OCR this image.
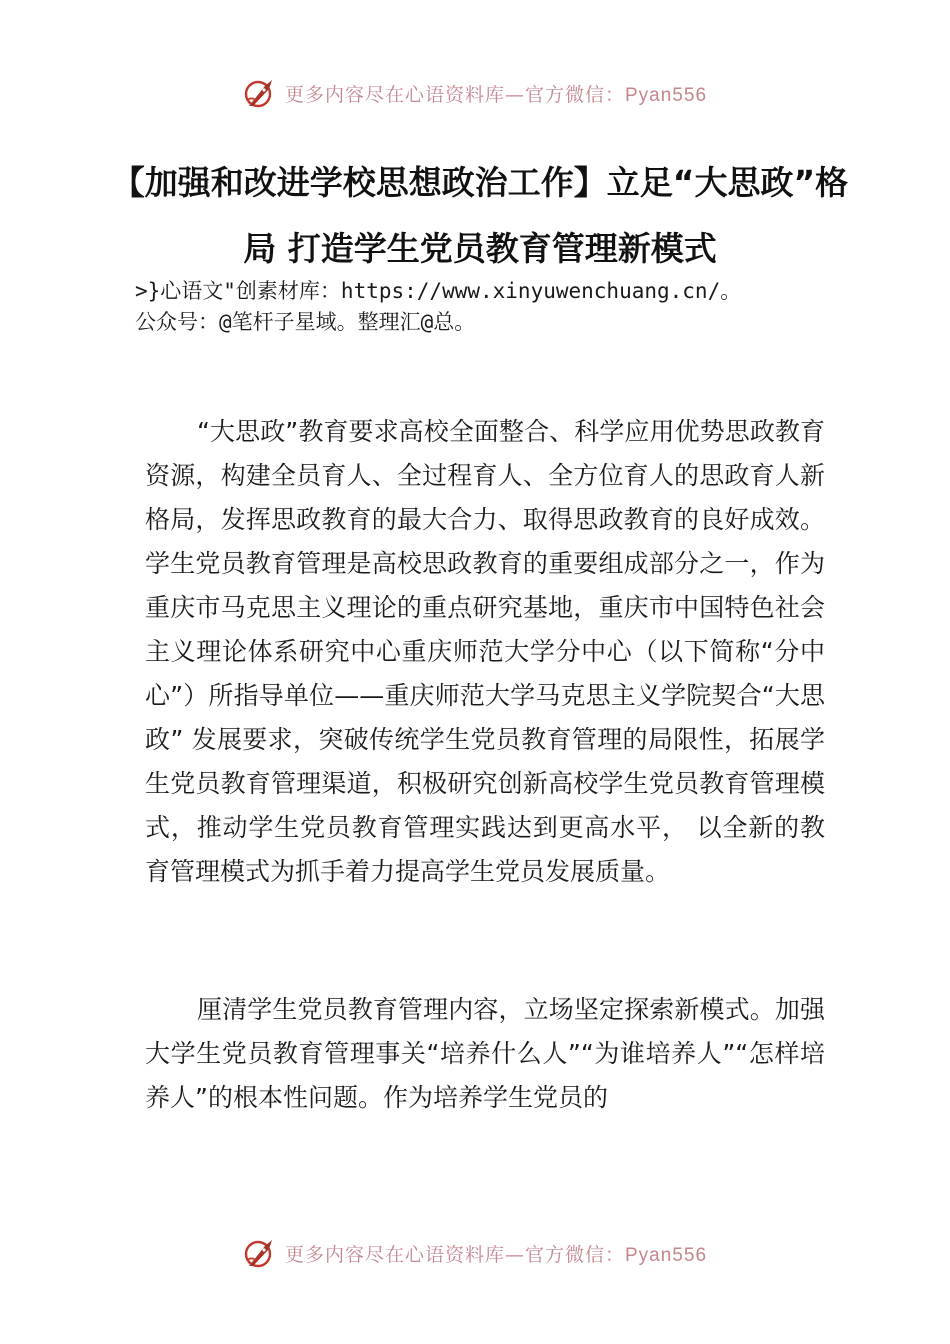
更多内容尽在心语资料库—官方微信：Pyan556
【加强和改进学校思想政治工作】立足“大思政”格局 打造学生党员教育管理新模式
>}心语文"创素材库：https://www.xinyuwenchuang.cn/。
公众号：@笔杆子星域。整理汇@总。

“大思政”教育要求高校全面整合、科学应用优势思政教育资源，构建全员育人、全过程育人、全方位育人的思政育人新格局，发挥思政教育的最大合力、取得思政教育的良好成效。学生党员教育管理是高校思政教育的重要组成部分之一，作为重庆市马克思主义理论的重点研究基地，重庆市中国特色社会主义理论体系研究中心重庆师范大学分中心（以下简称“分中心”）所指导单位——重庆师范大学马克思主义学院契合“大思政” 发展要求，突破传统学生党员教育管理的局限性，拓展学生党员教育管理渠道，积极研究创新高校学生党员教育管理模式，推动学生党员教育管理实践达到更高水平， 以全新的教育管理模式为抓手着力提高学生党员发展质量。

厘清学生党员教育管理内容，立场坚定探索新模式。加强大学生党员教育管理事关“培养什么人”“为谁培养人”“怎样培养人”的根本性问题。作为培养学生党员的

更多内容尽在心语资料库—官方微信：Pyan556
